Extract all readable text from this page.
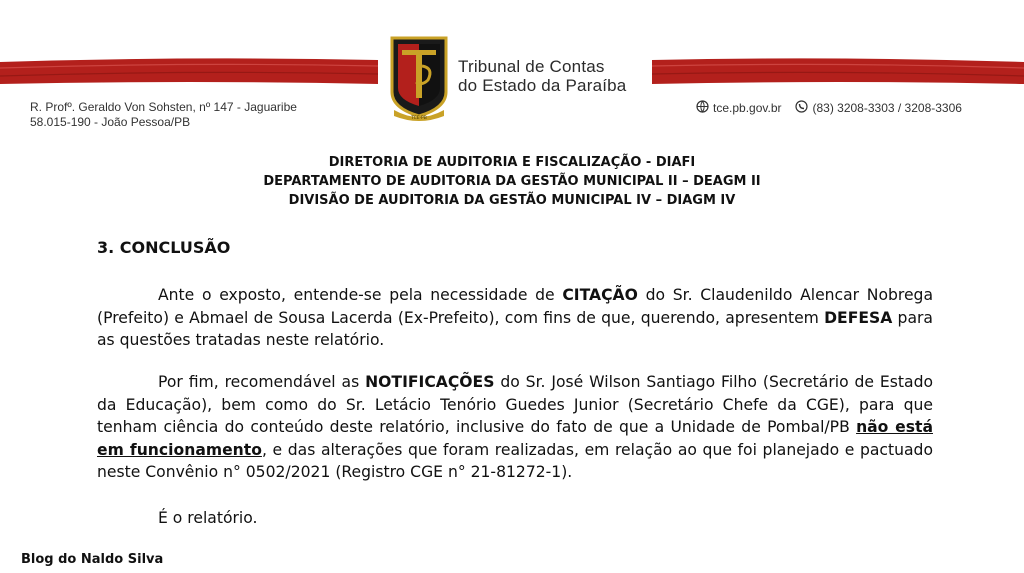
TCE·PB
Tribunal de Contas
do Estado da Paraíba
R. Profº. Geraldo Von Sohsten, nº 147 - Jaguaribe
58.015-190 - João Pessoa/PB
tce.pb.gov.br	(83) 3208-3303 / 3208-3306
DIRETORIA DE AUDITORIA E FISCALIZAÇÃO - DIAFI
DEPARTAMENTO DE AUDITORIA DA GESTÃO MUNICIPAL II – DEAGM II
DIVISÃO DE AUDITORIA DA GESTÃO MUNICIPAL IV – DIAGM IV
3. CONCLUSÃO
Ante o exposto, entende-se pela necessidade de CITAÇÃO do Sr. Claudenildo Alencar Nobrega (Prefeito) e Abmael de Sousa Lacerda (Ex-Prefeito), com fins de que, querendo, apresentem DEFESA para as questões tratadas neste relatório.
Por fim, recomendável as NOTIFICAÇÕES do Sr. José Wilson Santiago Filho (Secretário de Estado da Educação), bem como do Sr. Letácio Tenório Guedes Junior (Secretário Chefe da CGE), para que tenham ciência do conteúdo deste relatório, inclusive do fato de que a Unidade de Pombal/PB não está em funcionamento, e das alterações que foram realizadas, em relação ao que foi planejado e pactuado neste Convênio n° 0502/2021 (Registro CGE n° 21-81272-1).
É o relatório.
Blog do Naldo Silva
